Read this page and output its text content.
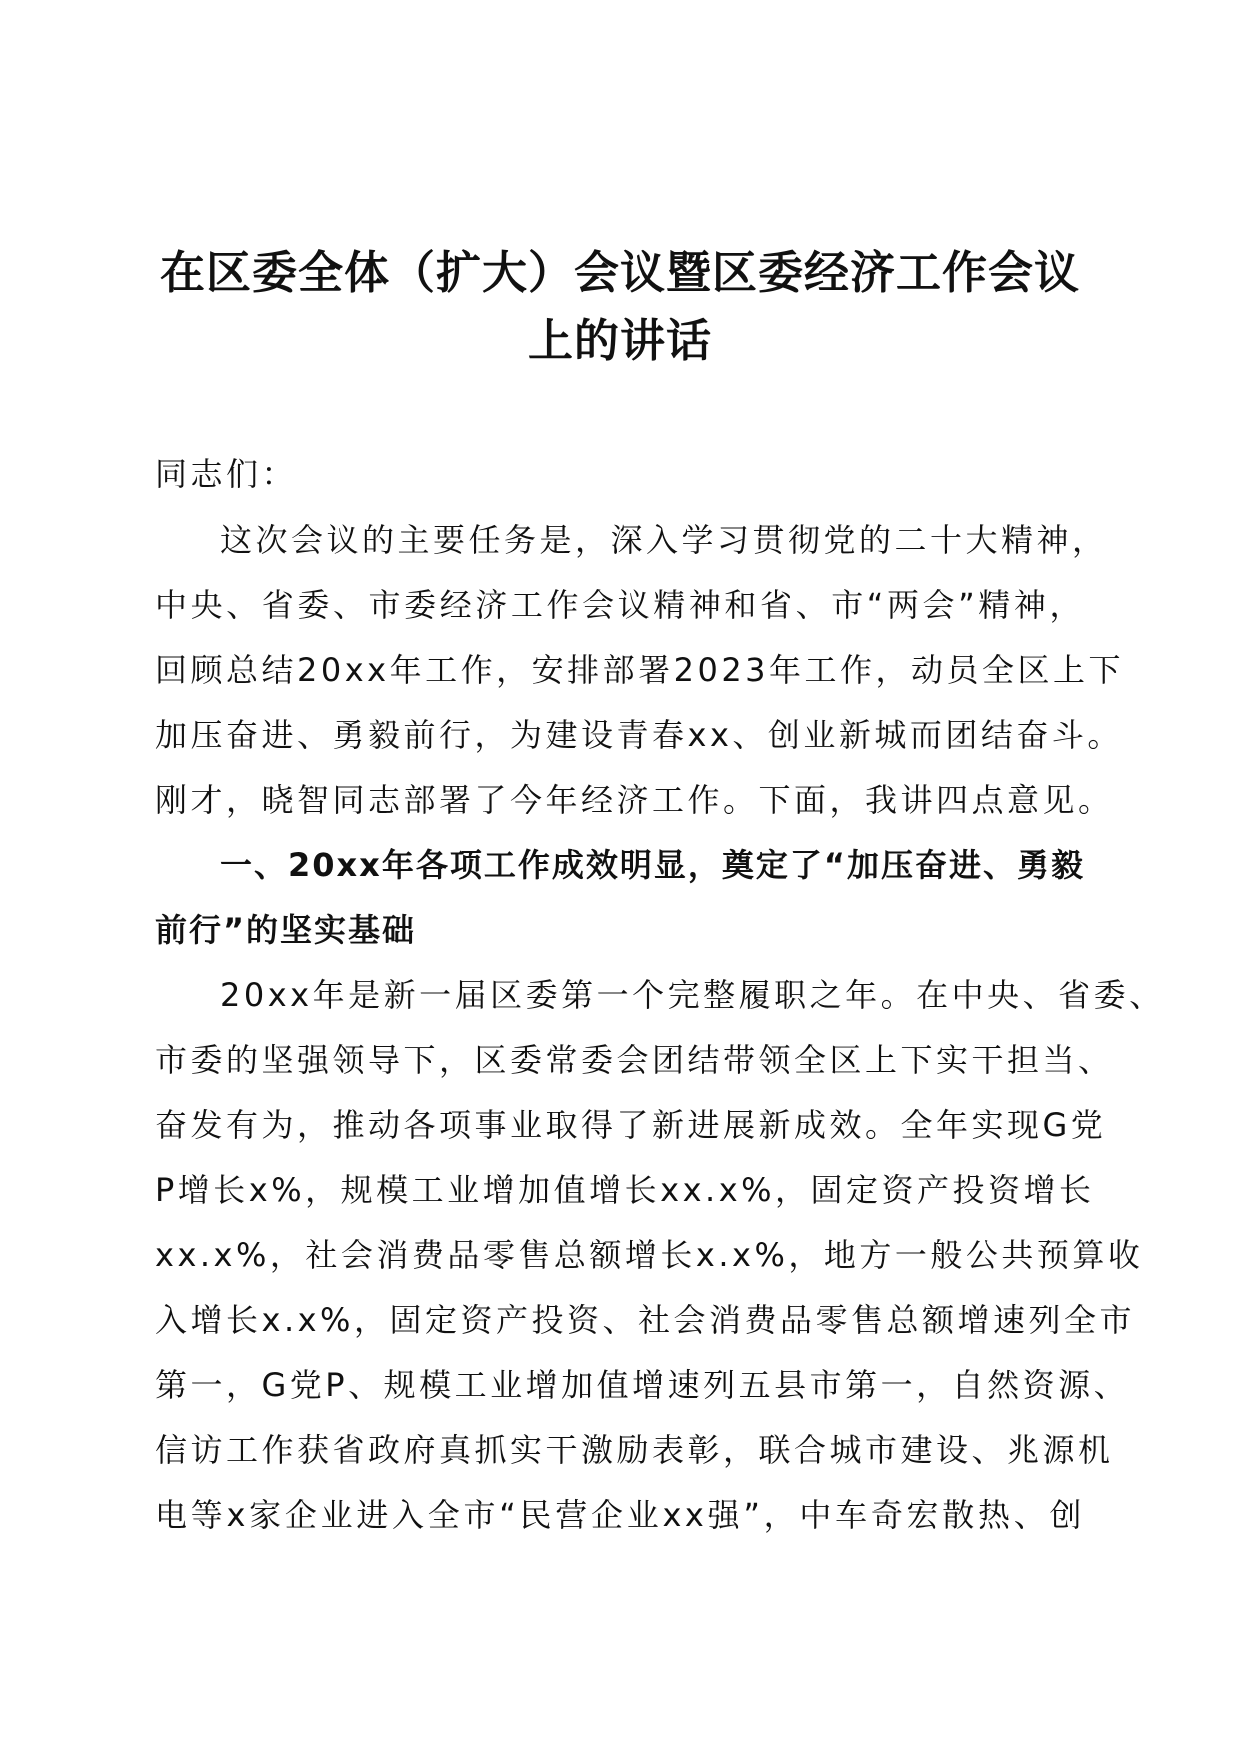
在区委全体（扩大）会议暨区委经济工作会议
上的讲话
同志们：
这次会议的主要任务是，深入学习贯彻党的二十大精神，
中央、省委、市委经济工作会议精神和省、市“两会”精神，
回顾总结20xx年工作，安排部署2023年工作，动员全区上下
加压奋进、勇毅前行，为建设青春xx、创业新城而团结奋斗。
刚才，晓智同志部署了今年经济工作。下面，我讲四点意见。
一、20xx年各项工作成效明显，奠定了“加压奋进、勇毅
前行”的坚实基础
20xx年是新一届区委第一个完整履职之年。在中央、省委、
市委的坚强领导下，区委常委会团结带领全区上下实干担当、
奋发有为，推动各项事业取得了新进展新成效。全年实现G党
P增长x%，规模工业增加值增长xx.x%，固定资产投资增长
xx.x%，社会消费品零售总额增长x.x%，地方一般公共预算收
入增长x.x%，固定资产投资、社会消费品零售总额增速列全市
第一，G党P、规模工业增加值增速列五县市第一，自然资源、
信访工作获省政府真抓实干激励表彰，联合城市建设、兆源机
电等x家企业进入全市“民营企业xx强”，中车奇宏散热、创
